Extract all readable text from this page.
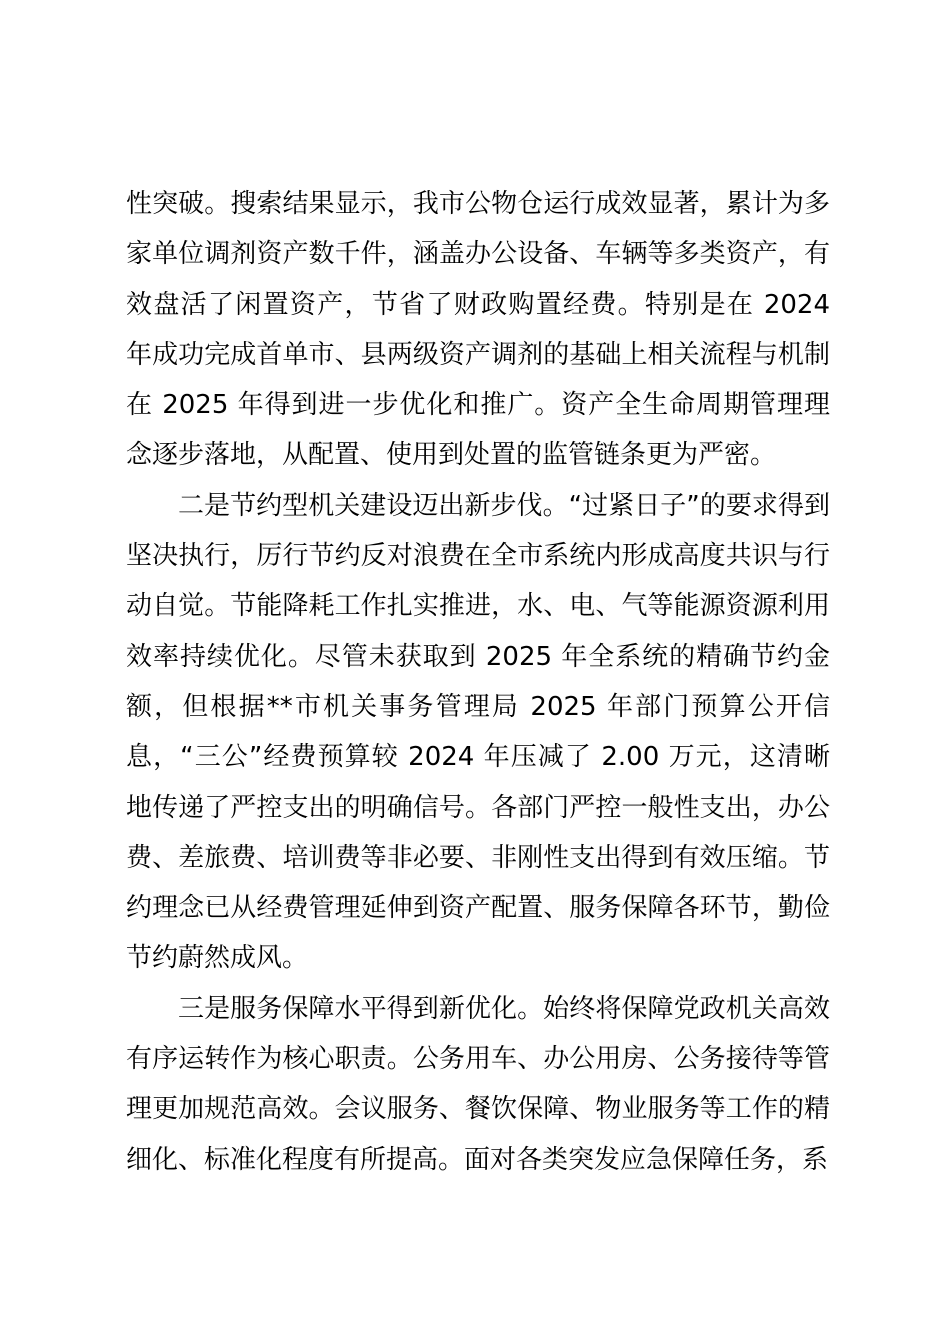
性突破。搜索结果显示，我市公物仓运行成效显著，累计为多家单位调剂资产数千件，涵盖办公设备、车辆等多类资产，有效盘活了闲置资产，节省了财政购置经费。特别是在 2024 年成功完成首单市、县两级资产调剂的基础上相关流程与机制在 2025 年得到进一步优化和推广。资产全生命周期管理理念逐步落地，从配置、使用到处置的监管链条更为严密。

二是节约型机关建设迈出新步伐。“过紧日子”的要求得到坚决执行，厉行节约反对浪费在全市系统内形成高度共识与行动自觉。节能降耗工作扎实推进，水、电、气等能源资源利用效率持续优化。尽管未获取到 2025 年全系统的精确节约金额，但根据**市机关事务管理局 2025 年部门预算公开信息，“三公”经费预算较 2024 年压减了 2.00 万元，这清晰地传递了严控支出的明确信号。各部门严控一般性支出，办公费、差旅费、培训费等非必要、非刚性支出得到有效压缩。节约理念已从经费管理延伸到资产配置、服务保障各环节，勤俭节约蔚然成风。

三是服务保障水平得到新优化。始终将保障党政机关高效有序运转作为核心职责。公务用车、办公用房、公务接待等管理更加规范高效。会议服务、餐饮保障、物业服务等工作的精细化、标准化程度有所提高。面对各类突发应急保障任务，系
